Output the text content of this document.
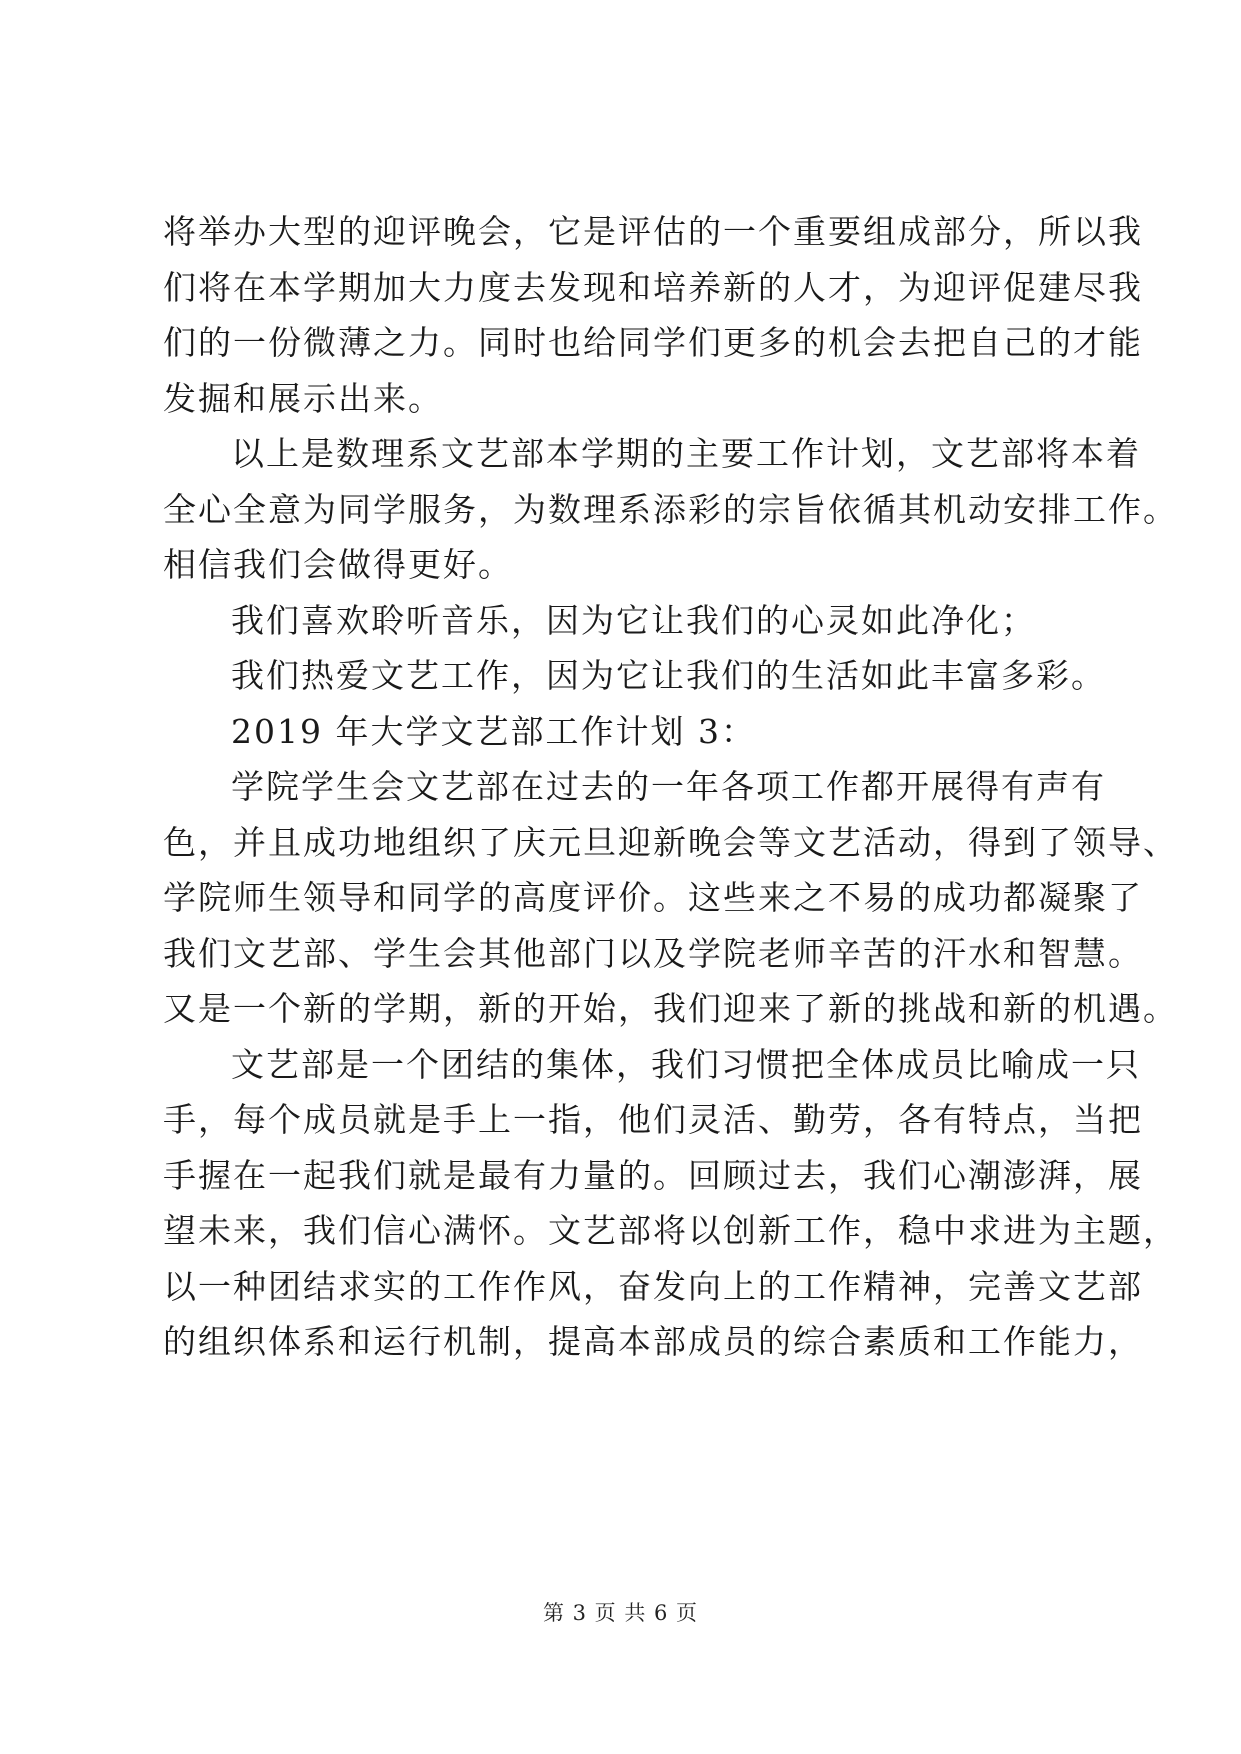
将举办大型的迎评晚会，它是评估的一个重要组成部分，所以我
们将在本学期加大力度去发现和培养新的人才，为迎评促建尽我
们的一份微薄之力。同时也给同学们更多的机会去把自己的才能
发掘和展示出来。
以上是数理系文艺部本学期的主要工作计划，文艺部将本着
全心全意为同学服务，为数理系添彩的宗旨依循其机动安排工作。
相信我们会做得更好。
我们喜欢聆听音乐，因为它让我们的心灵如此净化；
我们热爱文艺工作，因为它让我们的生活如此丰富多彩。
2019 年大学文艺部工作计划 3：
学院学生会文艺部在过去的一年各项工作都开展得有声有
色，并且成功地组织了庆元旦迎新晚会等文艺活动，得到了领导、
学院师生领导和同学的高度评价。这些来之不易的成功都凝聚了
我们文艺部、学生会其他部门以及学院老师辛苦的汗水和智慧。
又是一个新的学期，新的开始，我们迎来了新的挑战和新的机遇。
文艺部是一个团结的集体，我们习惯把全体成员比喻成一只
手，每个成员就是手上一指，他们灵活、勤劳，各有特点，当把
手握在一起我们就是最有力量的。回顾过去，我们心潮澎湃，展
望未来，我们信心满怀。文艺部将以创新工作，稳中求进为主题，
以一种团结求实的工作作风，奋发向上的工作精神，完善文艺部
的组织体系和运行机制，提高本部成员的综合素质和工作能力，
第 3 页 共 6 页
